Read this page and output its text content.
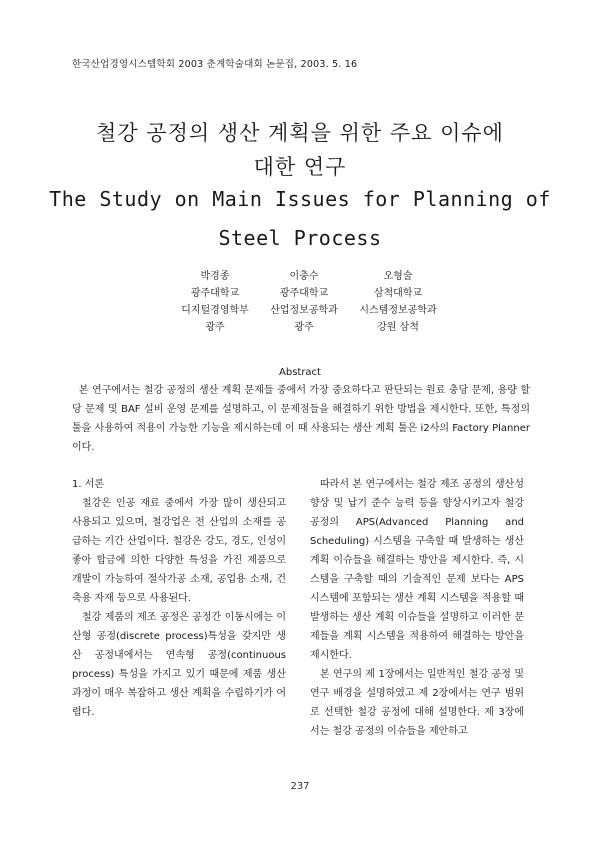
한국산업경영시스템학회 2003 춘계학술대회 논문집, 2003. 5. 16
철강 공정의 생산 계획을 위한 주요 이슈에
대한 연구
The Study on Main Issues for Planning of
Steel Process
박경종
광주대학교
디지털경영학부
광주
이충수
광주대학교
산업정보공학과
광주
오형술
삼척대학교
시스템정보공학과
강원 삼척
Abstract
본 연구에서는 철강 공정의 생산 계획 문제들 중에서 가장 중요하다고 판단되는 원료 충당 문제, 용량 할당 문제 및 BAF 설비 운영 문제를 설명하고, 이 문제점들을 해결하기 위한 방법을 제시한다. 또한, 특정의 툴을 사용하여 적용이 가능한 기능을 제시하는데 이 때 사용되는 생산 계획 툴은 i2사의 Factory Planner이다.

1. 서론

철강은 인공 재료 중에서 가장 많이 생산되고 사용되고 있으며, 철강업은 전 산업의 소재를 공급하는 기간 산업이다. 철강은 강도, 경도, 인성이 좋아 합금에 의한 다양한 특성을 가진 제품으로 개발이 가능하여 절삭가공 소재, 공업용 소재, 건축용 자재 등으로 사용된다.

철강 제품의 제조 공정은 공정간 이동시에는 이산형 공정(discrete process)특성을 갖지만 생산 공정내에서는 연속형 공정(continuous process) 특성을 가지고 있기 때문에 제품 생산 과정이 매우 복잡하고 생산 계획을 수립하기가 어렵다.

따라서 본 연구에서는 철강 제조 공정의 생산성 향상 및 납기 준수 능력 등을 향상시키고자 철강 공정의 APS(Advanced Planning and Scheduling) 시스템을 구축할 때 발생하는 생산 계획 이슈들을 해결하는 방안을 제시한다. 즉, 시스템을 구축할 때의 기술적인 문제 보다는 APS 시스템에 포함되는 생산 계획 시스템을 적용할 때 발생하는 생산 계획 이슈들을 설명하고 이러한 문제들을 계획 시스템을 적용하여 해결하는 방안을 제시한다.

본 연구의 제 1장에서는 일반적인 철강 공정 및 연구 배경을 설명하였고 제 2장에서는 연구 범위로 선택한 철강 공정에 대해 설명한다. 제 3장에서는 철강 공정의 이슈들을 제안하고

237
